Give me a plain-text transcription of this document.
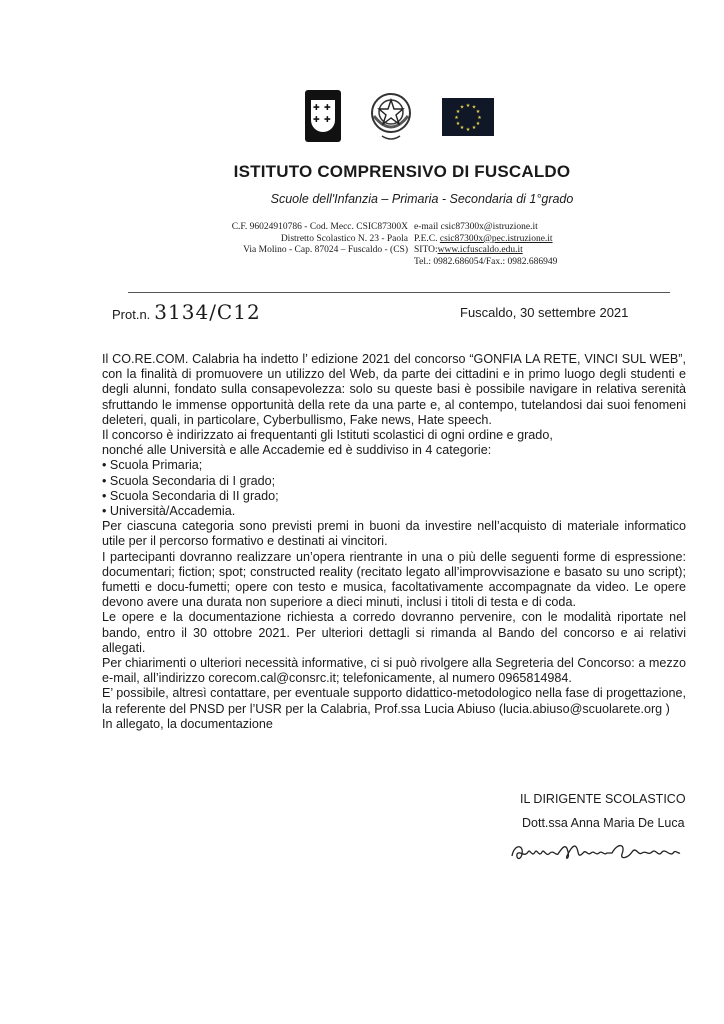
✚ ✚
✚ ✚
★ ★
★
★
★
★
★
★
★
★
★
★
ISTITUTO COMPRENSIVO DI FUSCALDO
Scuole dell'Infanzia – Primaria - Secondaria di 1°grado
C.F. 96024910786 - Cod. Mecc. CSIC87300X
Distretto Scolastico N. 23 - Paola
Via Molino - Cap. 87024 – Fuscaldo - (CS)
e-mail csic87300x@istruzione.it
P.E.C. csic87300x@pec.istruzione.it
SITO:www.icfuscaldo.edu.it
Tel.: 0982.686054/Fax.: 0982.686949
Prot.n. 3134/C12	Fuscaldo, 30 settembre 2021

Il CO.RE.COM. Calabria ha indetto l’ edizione 2021 del concorso “GONFIA LA RETE, VINCI SUL WEB”, con la finalità di promuovere un utilizzo del Web, da parte dei cittadini e in primo luogo degli studenti e degli alunni, fondato sulla consapevolezza: solo su queste basi è possibile navigare in relativa serenità sfruttando le immense opportunità della rete da una parte e, al contempo, tutelandosi dai suoi fenomeni deleteri, quali, in particolare, Cyberbullismo, Fake news, Hate speech.

Il concorso è indirizzato ai frequentanti gli Istituti scolastici di ogni ordine e grado,

nonché alle Università e alle Accademie ed è suddiviso in 4 categorie:

• Scuola Primaria;
• Scuola Secondaria di I grado;
• Scuola Secondaria di II grado;
• Università/Accademia.

Per ciascuna categoria sono previsti premi in buoni da investire nell’acquisto di materiale informatico utile per il percorso formativo e destinati ai vincitori.

I partecipanti dovranno realizzare un’opera rientrante in una o più delle seguenti forme di espressione: documentari; fiction; spot; constructed reality (recitato legato all’improvvisazione e basato su uno script); fumetti e docu-fumetti; opere con testo e musica, facoltativamente accompagnate da video. Le opere devono avere una durata non superiore a dieci minuti, inclusi i titoli di testa e di coda.

Le opere e la documentazione richiesta a corredo dovranno pervenire, con le modalità riportate nel bando, entro il 30 ottobre 2021. Per ulteriori dettagli si rimanda al Bando del concorso e ai relativi allegati.

Per chiarimenti o ulteriori necessità informative, ci si può rivolgere alla Segreteria del Concorso: a mezzo e-mail, all’indirizzo corecom.cal@consrc.it; telefonicamente, al numero 0965814984.

E’ possibile, altresì contattare, per eventuale supporto didattico-metodologico nella fase di progettazione, la referente del PNSD per l’USR per la Calabria, Prof.ssa Lucia Abiuso (lucia.abiuso@scuolarete.org )

In allegato, la documentazione

IL DIRIGENTE SCOLASTICO
Dott.ssa Anna Maria De Luca
